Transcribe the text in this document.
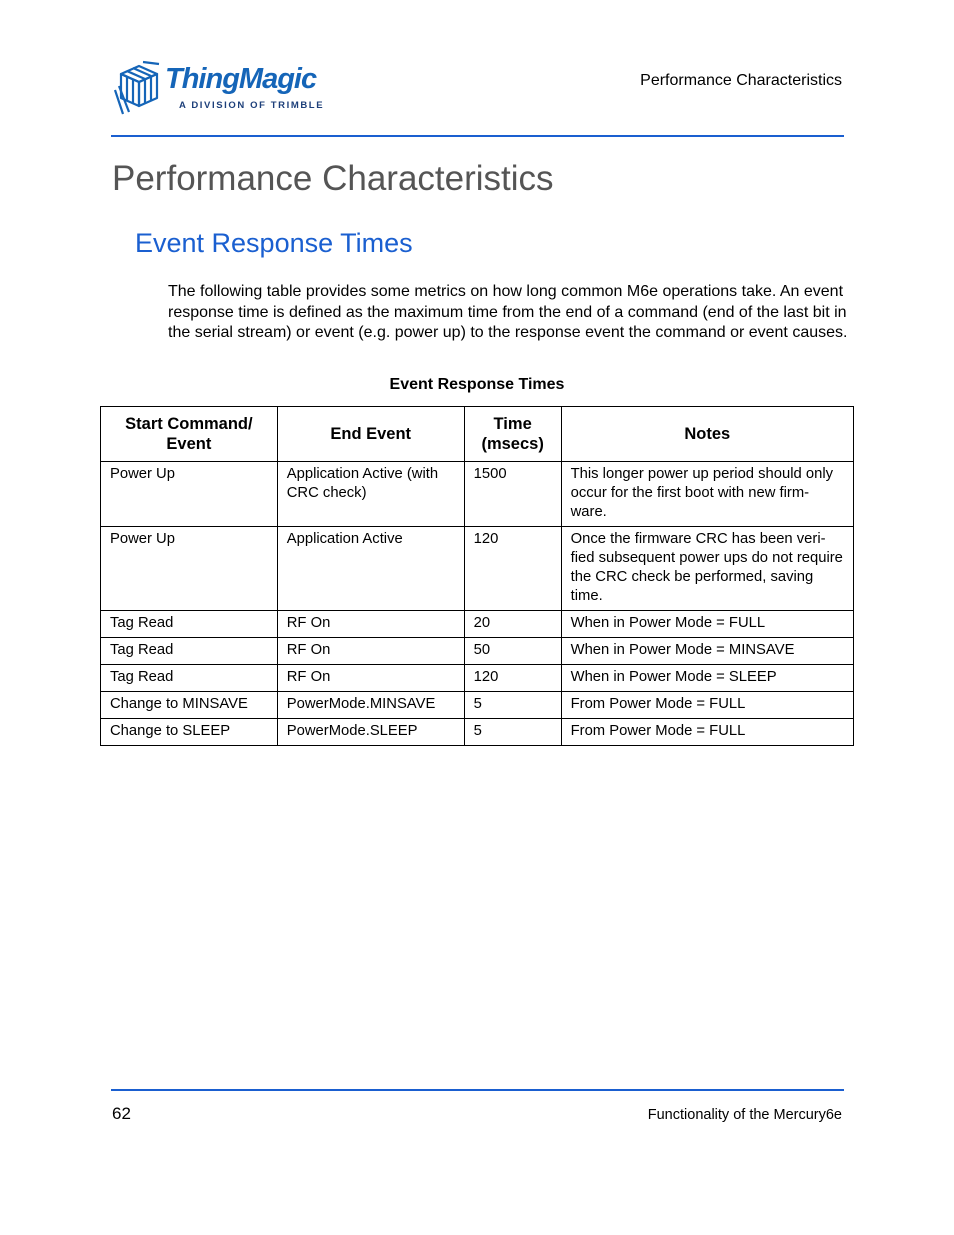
ThingMagic
A DIVISION OF TRIMBLE
Performance Characteristics
Performance Characteristics
Event Response Times

The following table provides some metrics on how long common M6e operations take. An event response time is defined as the maximum time from the end of a command (end of the last bit in the serial stream) or event (e.g. power up) to the response event the command or event causes.

Event Response Times
Start Command/ Event	End Event	Time (msecs)	Notes
Power Up	Application Active (with CRC check)	1500	This longer power up period should only occur for the first boot with new firm-ware.
Power Up	Application Active	120	Once the firmware CRC has been veri-fied subsequent power ups do not require the CRC check be performed, saving time.
Tag Read	RF On	20	When in Power Mode = FULL
Tag Read	RF On	50	When in Power Mode = MINSAVE
Tag Read	RF On	120	When in Power Mode = SLEEP
Change to MINSAVE	PowerMode.MINSAVE	5	From Power Mode = FULL
Change to SLEEP	PowerMode.SLEEP	5	From Power Mode = FULL
62	Functionality of the Mercury6e
